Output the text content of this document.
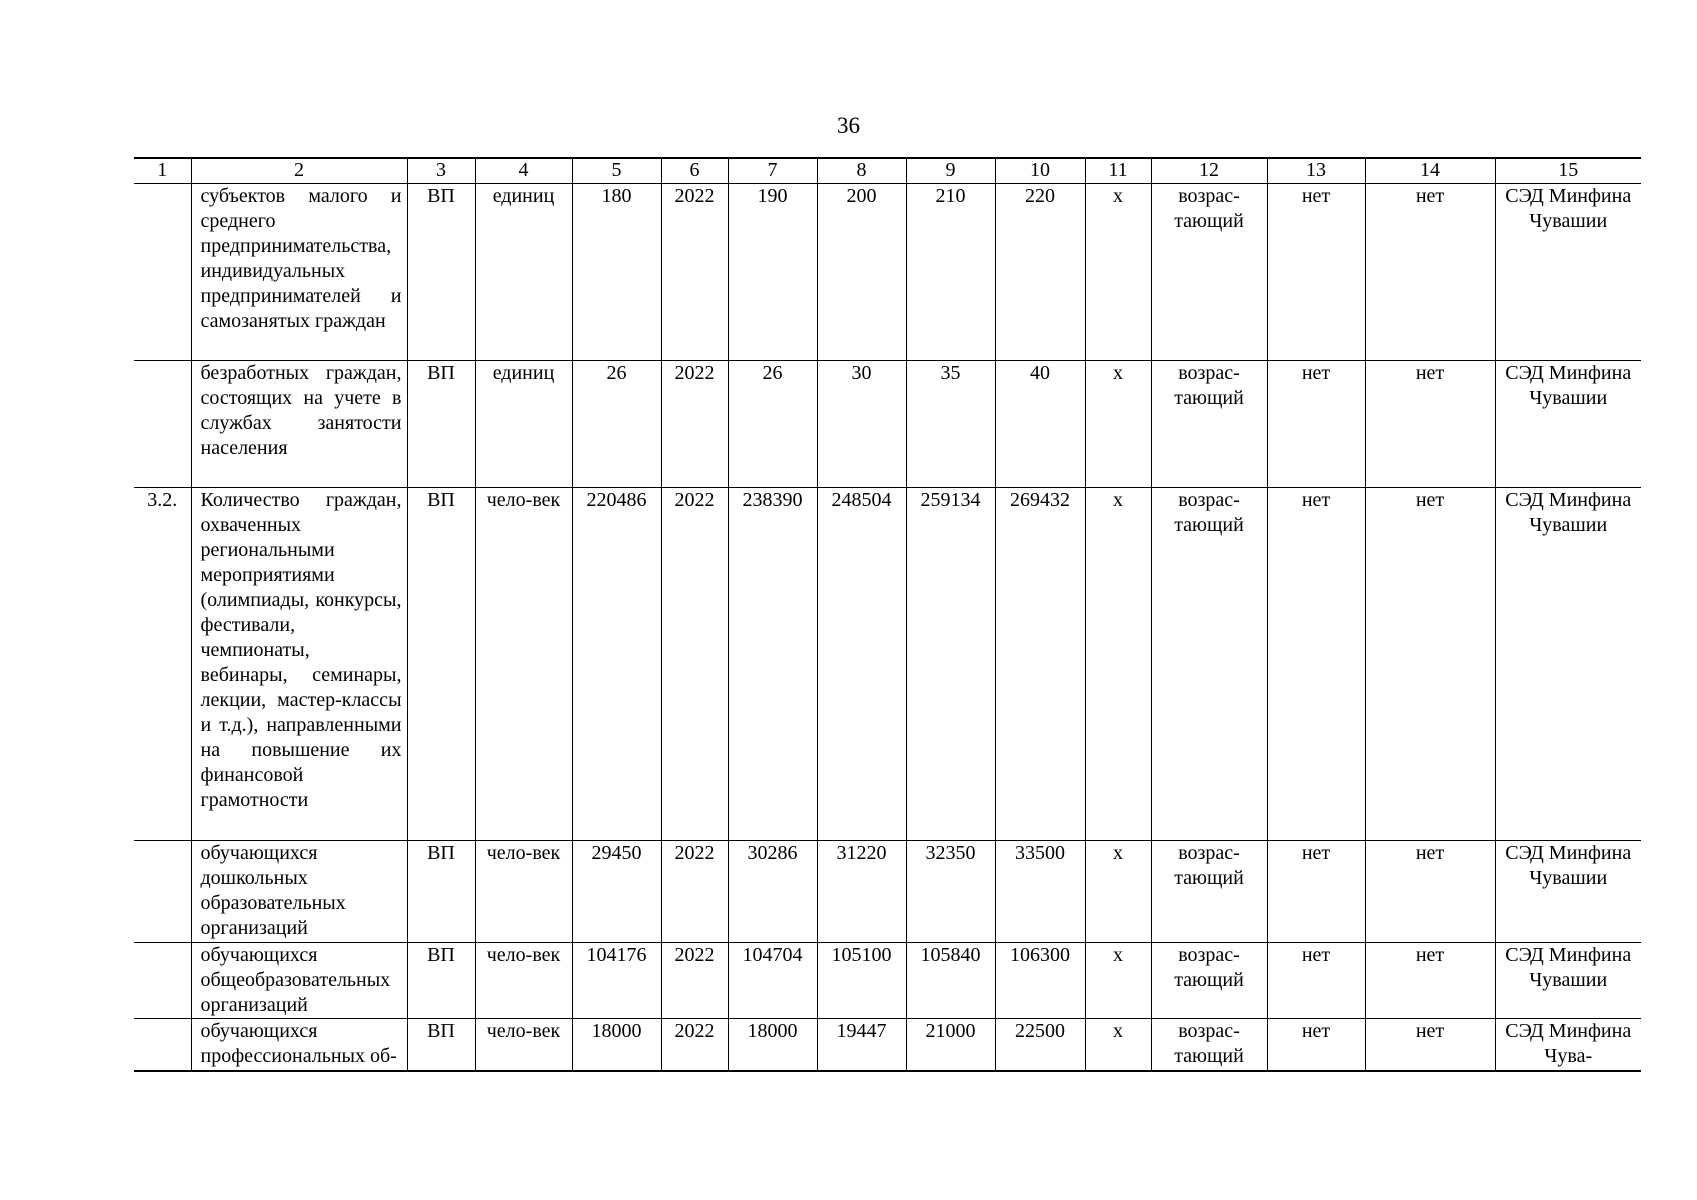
36
1	2	3	4	5	6	7	8	9	10	11	12	13	14	15
	субъектов малого и среднего предпринимательства, индивидуальных предпринимателей и самозанятых граждан	ВП	единиц	180	2022	190	200	210	220	x	возрас-тающий	нет	нет	СЭД Минфина Чувашии
	безработных граждан, состоящих на учете в службах занятости населения	ВП	единиц	26	2022	26	30	35	40	x	возрас-тающий	нет	нет	СЭД Минфина Чувашии
3.2.	Количество граждан, охваченных региональными мероприятиями (олимпиады, конкурсы, фестивали, чемпионаты, вебинары, семинары, лекции, мастер-классы и т.д.), направленными на повышение их финансовой грамотности	ВП	чело-век	220486	2022	238390	248504	259134	269432	x	возрас-тающий	нет	нет	СЭД Минфина Чувашии
	обучающихся дошкольных образовательных организаций	ВП	чело-век	29450	2022	30286	31220	32350	33500	x	возрас-тающий	нет	нет	СЭД Минфина Чувашии
	обучающихся общеобразовательных организаций	ВП	чело-век	104176	2022	104704	105100	105840	106300	x	возрас-тающий	нет	нет	СЭД Минфина Чувашии
	обучающихся профессиональных об-	ВП	чело-век	18000	2022	18000	19447	21000	22500	x	возрас-тающий	нет	нет	СЭД Минфина Чува-
